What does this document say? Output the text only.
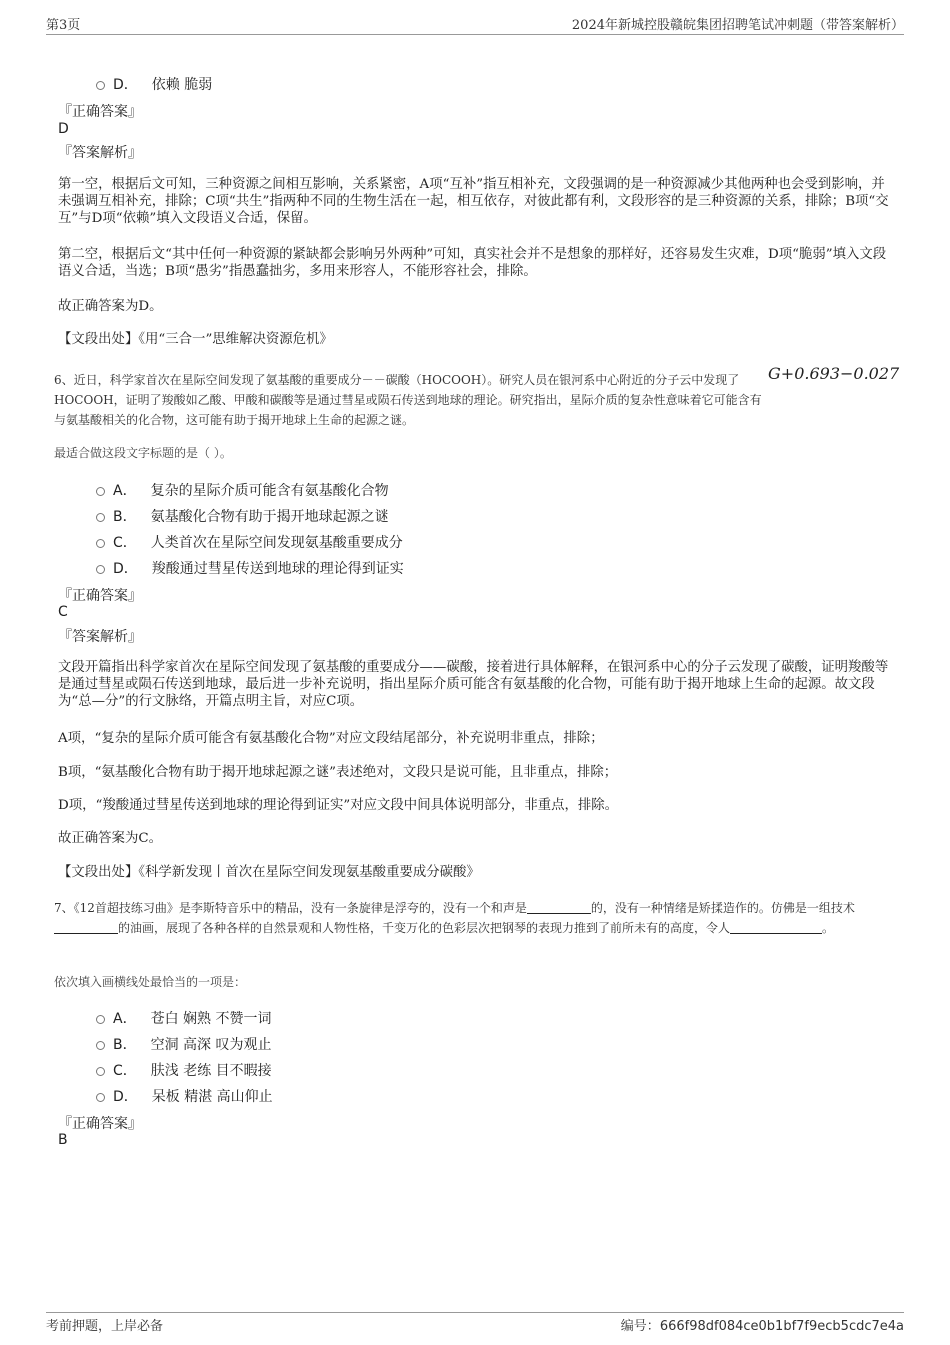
第3页	2024年新城控股赣皖集团招聘笔试冲刺题（带答案解析）
D． 依赖 脆弱
『正确答案』
D
『答案解析』
第一空，根据后文可知，三种资源之间相互影响，关系紧密，A项“互补”指互相补充，文段强调的是一种资源减少其他两种也会受到影响，并未强调互相补充，排除；C项“共生”指两种不同的生物生活在一起，相互依存，对彼此都有利，文段形容的是三种资源的关系，排除；B项“交互”与D项“依赖”填入文段语义合适，保留。
第二空，根据后文“其中任何一种资源的紧缺都会影响另外两种”可知，真实社会并不是想象的那样好，还容易发生灾难，D项“脆弱”填入文段语义合适，当选；B项“愚劣”指愚蠢拙劣，多用来形容人，不能形容社会，排除。
故正确答案为D。
【文段出处】《用“三合一”思维解决资源危机》
6、近日，科学家首次在星际空间发现了氨基酸的重要成分－－碳酸（HOCOOH）。研究人员在银河系中心附近的分子云中发现了HOCOOH，证明了羧酸如乙酸、甲酸和碳酸等是通过彗星或陨石传送到地球的理论。研究指出，星际介质的复杂性意味着它可能含有与氨基酸相关的化合物，这可能有助于揭开地球上生命的起源之谜。
G+0.693−0.027
最适合做这段文字标题的是（ ）。
A． 复杂的星际介质可能含有氨基酸化合物
B． 氨基酸化合物有助于揭开地球起源之谜
C． 人类首次在星际空间发现氨基酸重要成分
D． 羧酸通过彗星传送到地球的理论得到证实
『正确答案』
C
『答案解析』
文段开篇指出科学家首次在星际空间发现了氨基酸的重要成分——碳酸，接着进行具体解释，在银河系中心的分子云发现了碳酸，证明羧酸等是通过彗星或陨石传送到地球，最后进一步补充说明，指出星际介质可能含有氨基酸的化合物，可能有助于揭开地球上生命的起源。故文段为“总—分”的行文脉络，开篇点明主旨，对应C项。
A项，“复杂的星际介质可能含有氨基酸化合物”对应文段结尾部分，补充说明非重点，排除；
B项，“氨基酸化合物有助于揭开地球起源之谜”表述绝对，文段只是说可能，且非重点，排除；
D项，“羧酸通过彗星传送到地球的理论得到证实”对应文段中间具体说明部分，非重点，排除。
故正确答案为C。
【文段出处】《科学新发现丨首次在星际空间发现氨基酸重要成分碳酸》
7、《12首超技练习曲》是李斯特音乐中的精品，没有一条旋律是浮夸的，没有一个和声是	的，没有一种情绪是矫揉造作的。仿佛是一组技术的油画，展现了各种各样的自然景观和人物性格，千变万化的色彩层次把钢琴的表现力推到了前所未有的高度，令人	。
依次填入画横线处最恰当的一项是：
A． 苍白 娴熟 不赞一词
B． 空洞 高深 叹为观止
C． 肤浅 老练 目不暇接
D． 呆板 精湛 高山仰止
『正确答案』
B
考前押题，上岸必备	编号：666f98df084ce0b1bf7f9ecb5cdc7e4a
